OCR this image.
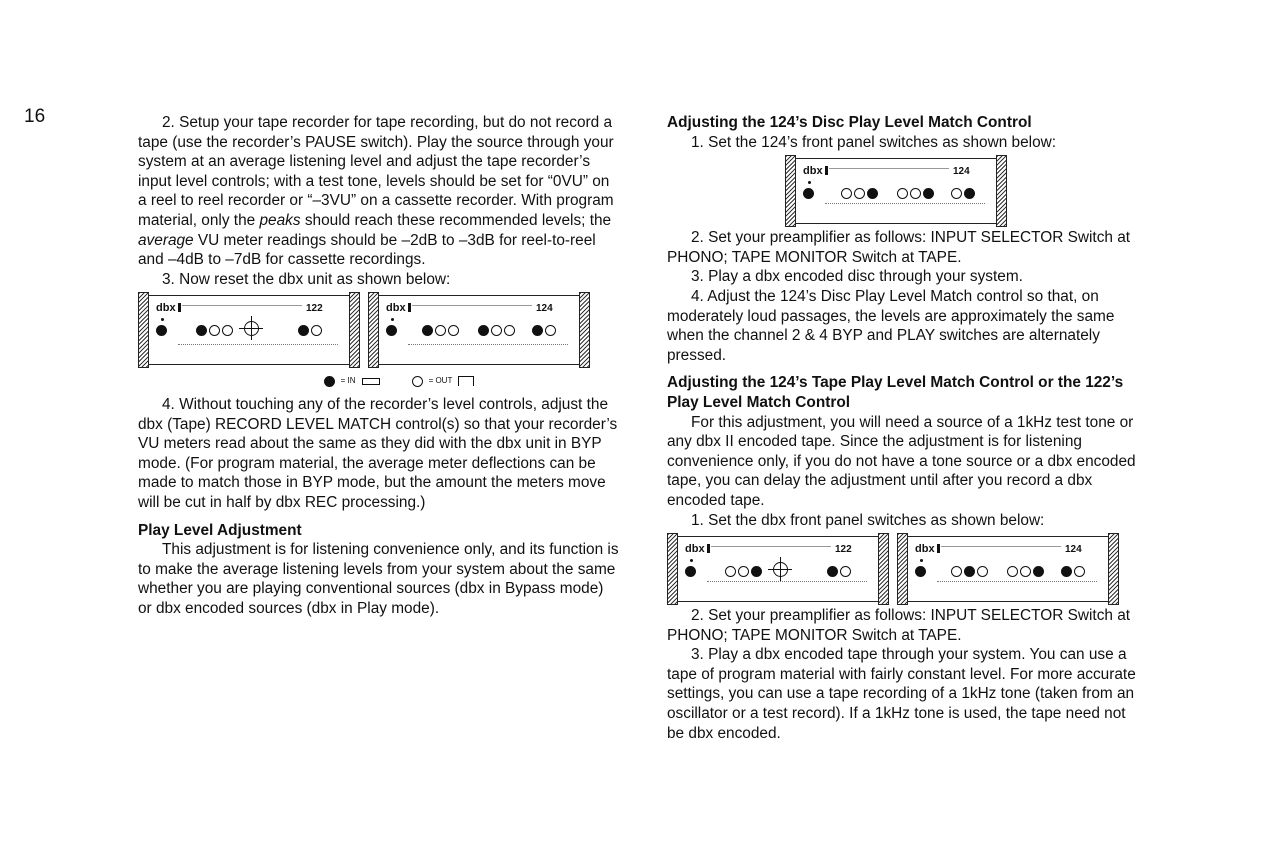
16	2. Setup your tape recorder for tape recording, but do not record a tape (use the recorder’s PAUSE switch). Play the source through your system at an average listening level and adjust the tape recorder’s input level controls; with a test tone, levels should be set for “0VU” on a reel to reel recorder or “–3VU” on a cassette recorder. With program material, only the peaks should reach these recommended levels; the average VU meter readings should be –2dB to –3dB for reel-to-reel and –4dB to –7dB for cassette recordings.

3. Now reset the dbx unit as shown below:

dbx	122	dbx	124
= IN	= OUT

4. Without touching any of the recorder’s level controls, adjust the dbx (Tape) RECORD LEVEL MATCH control(s) so that your recorder’s VU meters read about the same as they did with the dbx unit in BYP mode. (For program material, the average meter deflections can be made to match those in BYP mode, but the amount the meters move will be cut in half by dbx REC processing.)

Play Level Adjustment

This adjustment is for listening convenience only, and its function is to make the average listening levels from your system about the same whether you are playing conventional sources (dbx in Bypass mode) or dbx encoded sources (dbx in Play mode).

Adjusting the 124’s Disc Play Level Match Control

1. Set the 124’s front panel switches as shown below:

dbx	124

2. Set your preamplifier as follows: INPUT SELECTOR Switch at PHONO; TAPE MONITOR Switch at TAPE.

3. Play a dbx encoded disc through your system.

4. Adjust the 124’s Disc Play Level Match control so that, on moderately loud passages, the levels are approximately the same when the channel 2 & 4 BYP and PLAY switches are alternately pressed.

Adjusting the 124’s Tape Play Level Match Control or the 122’s Play Level Match Control

For this adjustment, you will need a source of a 1kHz test tone or any dbx II encoded tape. Since the adjustment is for listening convenience only, if you do not have a tone source or a dbx encoded tape, you can delay the adjustment until after you record a dbx encoded tape.

1. Set the dbx front panel switches as shown below:

dbx	122	dbx	124

2. Set your preamplifier as follows: INPUT SELECTOR Switch at PHONO; TAPE MONITOR Switch at TAPE.

3. Play a dbx encoded tape through your system. You can use a tape of program material with fairly constant level. For more accurate settings, you can use a tape recording of a 1kHz tone (taken from an oscillator or a test record). If a 1kHz tone is used, the tape need not be dbx encoded.
